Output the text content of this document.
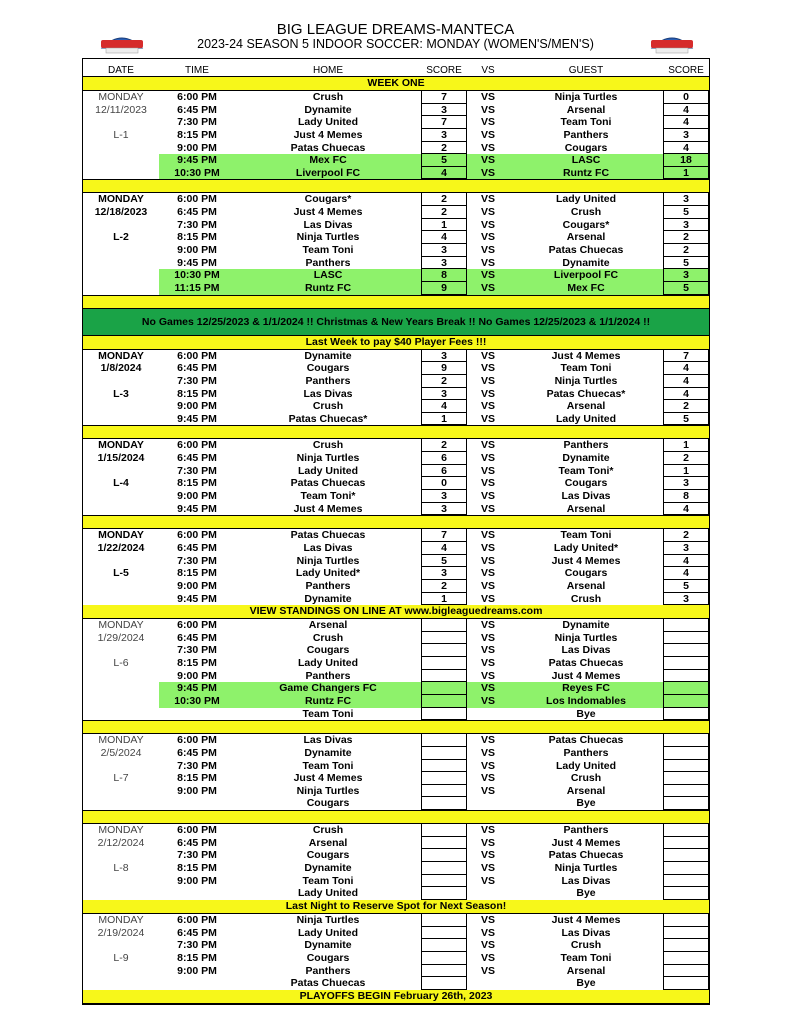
BIG LEAGUE DREAMS-MANTECA
2023-24 SEASON 5 INDOOR SOCCER: MONDAY (WOMEN'S/MEN'S)
DATE	TIME	HOME	SCORE	VS	GUEST	SCORE
WEEK ONE
MONDAY	6:00 PM	Crush	7	VS	Ninja Turtles	0
12/11/2023	6:45 PM	Dynamite	3	VS	Arsenal	4
7:30 PM	Lady United	7	VS	Team Toni	4
L-1	8:15 PM	Just 4 Memes	3	VS	Panthers	3
9:00 PM	Patas Chuecas	2	VS	Cougars	4
9:45 PM	Mex FC	5	VS	LASC	18
10:30 PM	Liverpool FC	4	VS	Runtz FC	1
MONDAY	6:00 PM	Cougars*	2	VS	Lady United	3
12/18/2023	6:45 PM	Just 4 Memes	2	VS	Crush	5
7:30 PM	Las Divas	1	VS	Cougars*	3
L-2	8:15 PM	Ninja Turtles	4	VS	Arsenal	2
9:00 PM	Team Toni	3	VS	Patas Chuecas	2
9:45 PM	Panthers	3	VS	Dynamite	5
10:30 PM	LASC	8	VS	Liverpool FC	3
11:15 PM	Runtz FC	9	VS	Mex FC	5
No Games 12/25/2023 & 1/1/2024 !! Christmas & New Years Break !! No Games 12/25/2023 & 1/1/2024 !!
Last Week to pay $40 Player Fees !!!
MONDAY	6:00 PM	Dynamite	3	VS	Just 4 Memes	7
1/8/2024	6:45 PM	Cougars	9	VS	Team Toni	4
7:30 PM	Panthers	2	VS	Ninja Turtles	4
L-3	8:15 PM	Las Divas	3	VS	Patas Chuecas*	4
9:00 PM	Crush	4	VS	Arsenal	2
9:45 PM	Patas Chuecas*	1	VS	Lady United	5
MONDAY	6:00 PM	Crush	2	VS	Panthers	1
1/15/2024	6:45 PM	Ninja Turtles	6	VS	Dynamite	2
7:30 PM	Lady United	6	VS	Team Toni*	1
L-4	8:15 PM	Patas Chuecas	0	VS	Cougars	3
9:00 PM	Team Toni*	3	VS	Las Divas	8
9:45 PM	Just 4 Memes	3	VS	Arsenal	4
MONDAY	6:00 PM	Patas Chuecas	7	VS	Team Toni	2
1/22/2024	6:45 PM	Las Divas	4	VS	Lady United*	3
7:30 PM	Ninja Turtles	5	VS	Just 4 Memes	4
L-5	8:15 PM	Lady United*	3	VS	Cougars	4
9:00 PM	Panthers	2	VS	Arsenal	5
9:45 PM	Dynamite	1	VS	Crush	3
VIEW STANDINGS ON LINE AT www.bigleaguedreams.com
MONDAY	6:00 PM	Arsenal	VS	Dynamite
1/29/2024	6:45 PM	Crush	VS	Ninja Turtles
7:30 PM	Cougars	VS	Las Divas
L-6	8:15 PM	Lady United	VS	Patas Chuecas
9:00 PM	Panthers	VS	Just 4 Memes
9:45 PM	Game Changers FC	VS	Reyes FC
10:30 PM	Runtz FC	VS	Los Indomables
Team Toni	Bye
MONDAY	6:00 PM	Las Divas	VS	Patas Chuecas
2/5/2024	6:45 PM	Dynamite	VS	Panthers
7:30 PM	Team Toni	VS	Lady United
L-7	8:15 PM	Just 4 Memes	VS	Crush
9:00 PM	Ninja Turtles	VS	Arsenal
Cougars	Bye
MONDAY	6:00 PM	Crush	VS	Panthers
2/12/2024	6:45 PM	Arsenal	VS	Just 4 Memes
7:30 PM	Cougars	VS	Patas Chuecas
L-8	8:15 PM	Dynamite	VS	Ninja Turtles
9:00 PM	Team Toni	VS	Las Divas
Lady United	Bye
Last Night to Reserve Spot for Next Season!
MONDAY	6:00 PM	Ninja Turtles	VS	Just 4 Memes
2/19/2024	6:45 PM	Lady United	VS	Las Divas
7:30 PM	Dynamite	VS	Crush
L-9	8:15 PM	Cougars	VS	Team Toni
9:00 PM	Panthers	VS	Arsenal
Patas Chuecas	Bye
PLAYOFFS BEGIN February 26th, 2023
